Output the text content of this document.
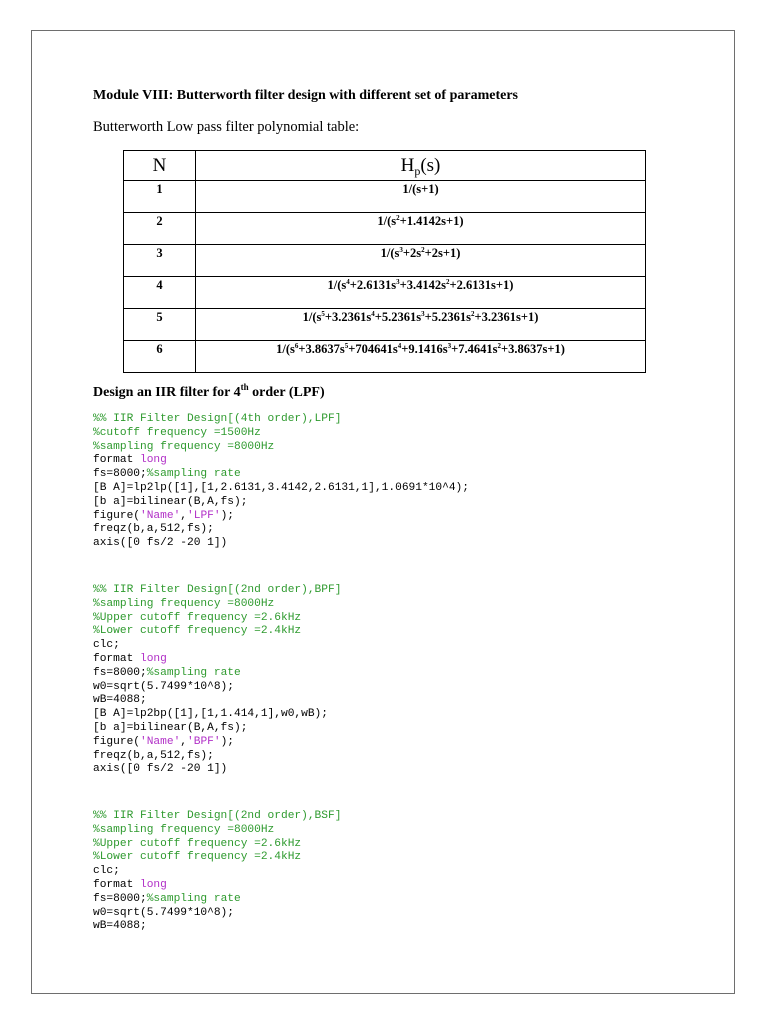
Module VIII: Butterworth filter design with different set of parameters
Butterworth Low pass filter polynomial table:
N	$H_p(s)$
1	1/(s+1)
2	$1/(s^2+1.4142s+1)$
3	$1/(s^3+2s^2+2s+1)$
4	$1/(s^4+2.6131s^3+3.4142s^2+2.6131s+1)$
5	$1/(s^5+3.2361s^4+5.2361s^3+5.2361s^2+3.2361s+1)$
6	$1/(s^6+3.8637s^5+704641s^4+9.1416s^3+7.4641s^2+3.8637s+1)$
Design an IIR filter for 4th order (LPF)
%% IIR Filter Design[(4th order),LPF]
%cutoff frequency =1500Hz
%sampling frequency =8000Hz
format long
fs=8000;%sampling rate
[B A]=lp2lp([1],[1,2.6131,3.4142,2.6131,1],1.0691*10^4);
[b a]=bilinear(B,A,fs);
figure('Name','LPF');
freqz(b,a,512,fs);
axis([0 fs/2 -20 1])
%% IIR Filter Design[(2nd order),BPF]
%sampling frequency =8000Hz
%Upper cutoff frequency =2.6kHz
%Lower cutoff frequency =2.4kHz
clc;
format long
fs=8000;%sampling rate
w0=sqrt(5.7499*10^8);
wB=4088;
[B A]=lp2bp([1],[1,1.414,1],w0,wB);
[b a]=bilinear(B,A,fs);
figure('Name','BPF');
freqz(b,a,512,fs);
axis([0 fs/2 -20 1])
%% IIR Filter Design[(2nd order),BSF]
%sampling frequency =8000Hz
%Upper cutoff frequency =2.6kHz
%Lower cutoff frequency =2.4kHz
clc;
format long
fs=8000;%sampling rate
w0=sqrt(5.7499*10^8);
wB=4088;
